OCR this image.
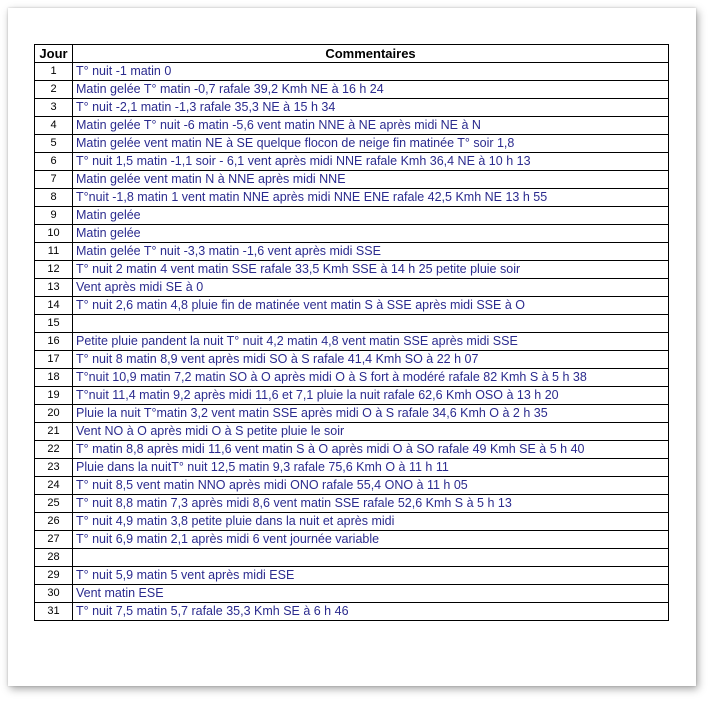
Jour	Commentaires
1	T° nuit -1 matin 0
2	Matin gelée T° matin -0,7 rafale 39,2 Kmh NE à 16 h 24
3	T° nuit -2,1 matin -1,3 rafale 35,3 NE à 15 h 34
4	Matin gelée T° nuit -6 matin -5,6 vent matin NNE à NE après midi NE à N
5	Matin gelée vent matin NE à SE quelque flocon de neige fin matinée T° soir 1,8
6	T° nuit 1,5 matin -1,1 soir - 6,1 vent après midi NNE rafale Kmh 36,4 NE à 10 h 13
7	Matin gelée vent matin N à NNE après midi NNE
8	T°nuit -1,8 matin 1 vent matin NNE après midi NNE ENE rafale 42,5 Kmh NE 13 h 55
9	Matin gelée
10	Matin gelée
11	Matin gelée T° nuit -3,3 matin -1,6 vent après midi SSE
12	T° nuit 2 matin 4 vent matin SSE rafale 33,5 Kmh SSE à 14 h 25 petite pluie soir
13	Vent après midi SE à 0
14	T° nuit 2,6 matin 4,8 pluie fin de matinée vent matin S à SSE après midi SSE à O
15	
16	Petite pluie pandent la nuit T° nuit 4,2 matin 4,8 vent matin SSE après midi SSE
17	T° nuit 8 matin 8,9 vent après midi SO à S rafale 41,4 Kmh SO à 22 h 07
18	T°nuit 10,9 matin 7,2 matin SO à O après midi O à S fort à modéré rafale 82 Kmh S à 5 h 38
19	T°nuit 11,4 matin 9,2 après midi 11,6 et 7,1 pluie la nuit rafale 62,6 Kmh OSO à 13 h 20
20	Pluie la nuit T°matin 3,2 vent matin SSE après midi O à S rafale 34,6 Kmh O à 2 h 35
21	Vent NO à O après midi O à S petite pluie le soir
22	T° matin 8,8 après midi 11,6 vent matin S à O après midi O à SO rafale 49 Kmh SE à 5 h 40
23	Pluie dans la nuitT° nuit 12,5 matin 9,3 rafale 75,6 Kmh O à 11 h 11
24	T° nuit 8,5 vent matin NNO après midi ONO rafale 55,4 ONO à 11 h 05
25	T° nuit 8,8 matin 7,3 après midi 8,6 vent matin SSE rafale 52,6 Kmh S à 5 h 13
26	T° nuit 4,9 matin 3,8 petite pluie dans la nuit et après midi
27	T° nuit 6,9 matin 2,1 après midi 6 vent journée variable
28	
29	T° nuit 5,9 matin 5 vent après midi ESE
30	Vent matin ESE
31	T° nuit 7,5 matin 5,7 rafale 35,3 Kmh SE à 6 h 46
